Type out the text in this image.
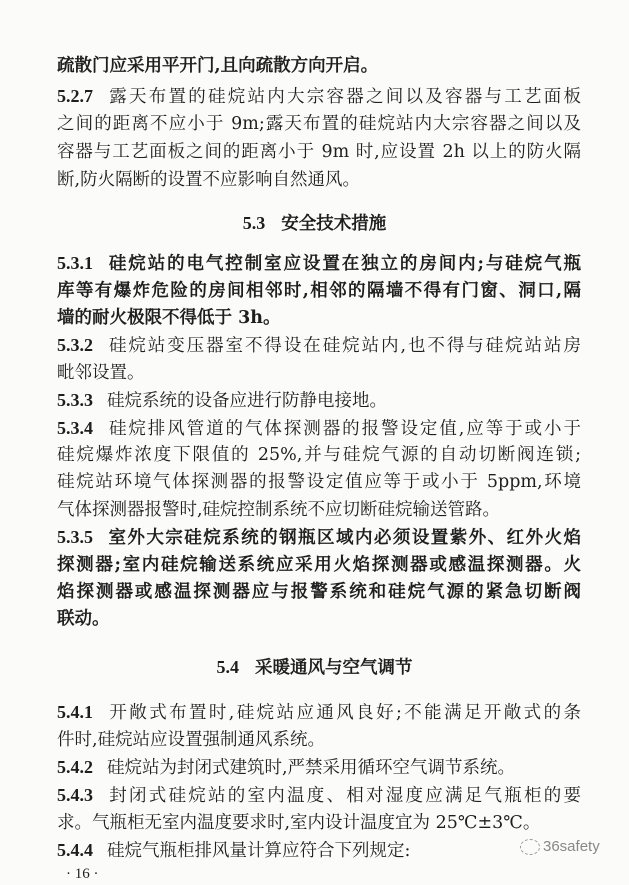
疏散门应采用平开门,且向疏散方向开启。
5.2.7 露天布置的硅烷站内大宗容器之间以及容器与工艺面板
之间的距离不应小于 9m;露天布置的硅烷站内大宗容器之间以及
容器与工艺面板之间的距离小于 9m 时,应设置 2h 以上的防火隔
断,防火隔断的设置不应影响自然通风。
5.3 安全技术措施
5.3.1 硅烷站的电气控制室应设置在独立的房间内;与硅烷气瓶
库等有爆炸危险的房间相邻时,相邻的隔墙不得有门窗、洞口,隔
墙的耐火极限不得低于 3h。
5.3.2 硅烷站变压器室不得设在硅烷站内,也不得与硅烷站站房
毗邻设置。
5.3.3 硅烷系统的设备应进行防静电接地。
5.3.4 硅烷排风管道的气体探测器的报警设定值,应等于或小于
硅烷爆炸浓度下限值的 25%,并与硅烷气源的自动切断阀连锁;
硅烷站环境气体探测器的报警设定值应等于或小于 5ppm,环境
气体探测器报警时,硅烷控制系统不应切断硅烷输送管路。
5.3.5 室外大宗硅烷系统的钢瓶区域内必须设置紫外、红外火焰
探测器;室内硅烷输送系统应采用火焰探测器或感温探测器。火
焰探测器或感温探测器应与报警系统和硅烷气源的紧急切断阀
联动。
5.4 采暖通风与空气调节
5.4.1 开敞式布置时,硅烷站应通风良好;不能满足开敞式的条
件时,硅烷站应设置强制通风系统。
5.4.2 硅烷站为封闭式建筑时,严禁采用循环空气调节系统。
5.4.3 封闭式硅烷站的室内温度、相对湿度应满足气瓶柜的要
求。气瓶柜无室内温度要求时,室内设计温度宜为 25℃±3℃。
5.4.4 硅烷气瓶柜排风量计算应符合下列规定:
· 16 ·
36safety
